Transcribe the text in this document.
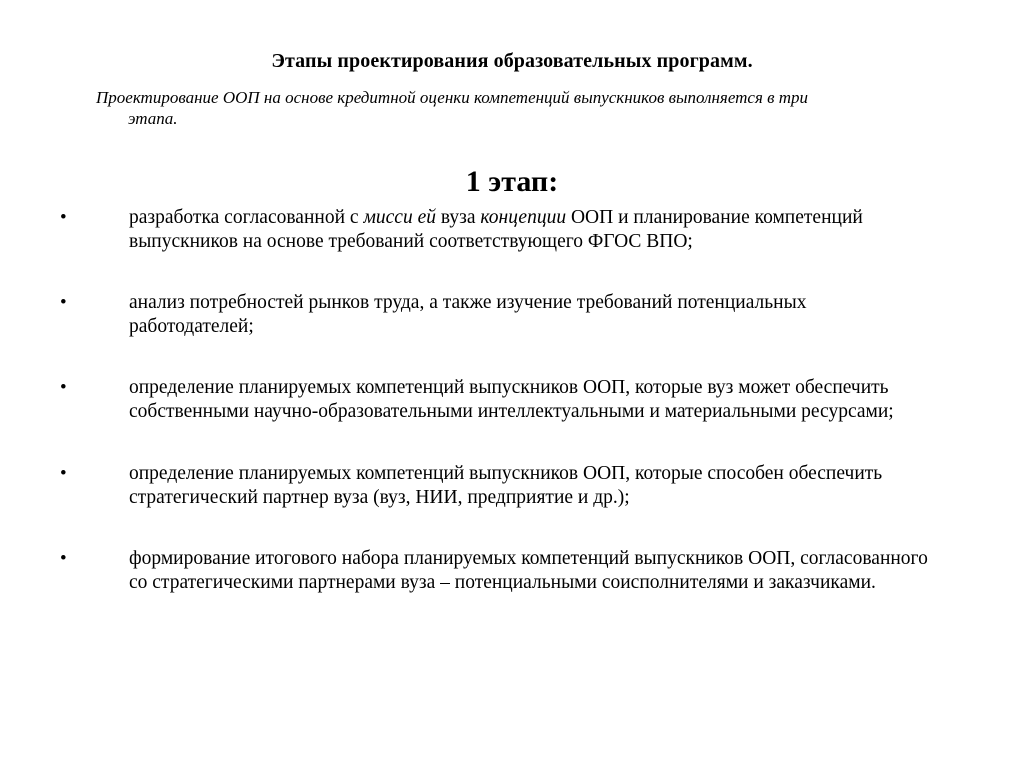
Этапы проектирования образовательных программ.
Проектирование ООП на основе кредитной оценки компетенций выпускников выполняется в три
этапа.
1 этап:
•	разработка согласованной с мисси ей вуза концепции ООП и планирование компетенций выпускников на основе требований соответствующего ФГОС ВПО;
•	анализ потребностей рынков труда, а также изучение требований потенциальных работодателей;
•	определение планируемых компетенций выпускников ООП, которые вуз может обеспечить собственными научно-образовательными интеллектуальными и материальными ресурсами;
•	определение планируемых компетенций выпускников ООП, которые способен обеспечить стратегический партнер вуза (вуз, НИИ, предприятие и др.);
•	формирование итогового набора планируемых компетенций выпускников ООП, согласованного со стратегическими партнерами вуза – потенциальными соисполнителями и заказчиками.
